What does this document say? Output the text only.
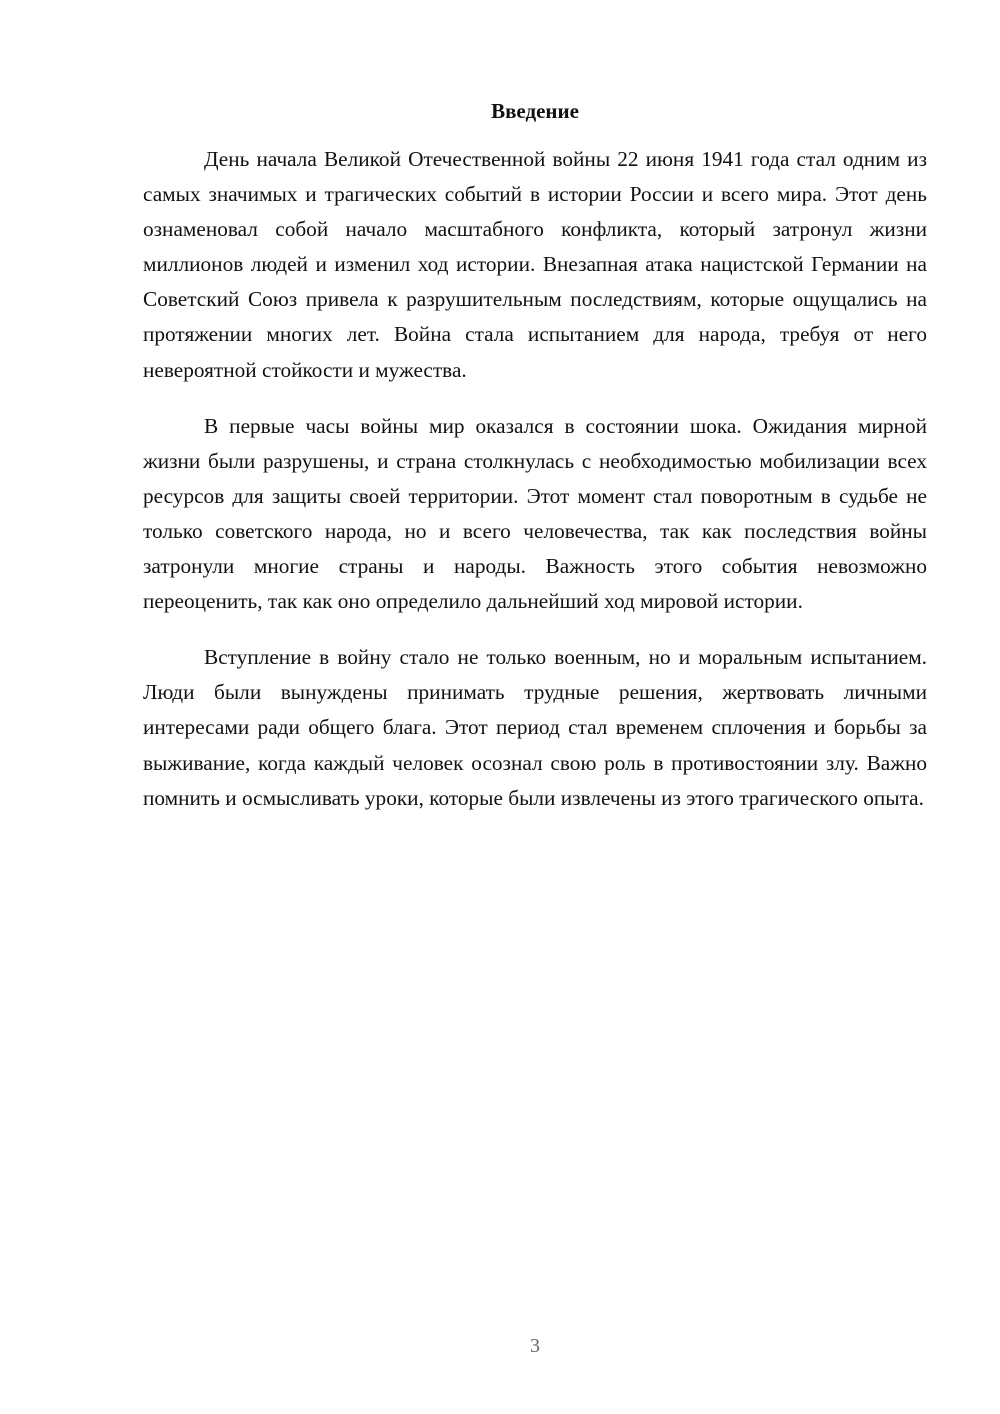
Введение

День начала Великой Отечественной войны 22 июня 1941 года стал одним из самых значимых и трагических событий в истории России и всего мира. Этот день ознаменовал собой начало масштабного конфликта, который затронул жизни миллионов людей и изменил ход истории. Внезапная атака нацистской Германии на Советский Союз привела к разрушительным последствиям, которые ощущались на протяжении многих лет. Война стала испытанием для народа, требуя от него невероятной стойкости и мужества.

В первые часы войны мир оказался в состоянии шока. Ожидания мирной жизни были разрушены, и страна столкнулась с необходимостью мобилизации всех ресурсов для защиты своей территории. Этот момент стал поворотным в судьбе не только советского народа, но и всего человечества, так как последствия войны затронули многие страны и народы. Важность этого события невозможно переоценить, так как оно определило дальнейший ход мировой истории.

Вступление в войну стало не только военным, но и моральным испытанием. Люди были вынуждены принимать трудные решения, жертвовать личными интересами ради общего блага. Этот период стал временем сплочения и борьбы за выживание, когда каждый человек осознал свою роль в противостоянии злу. Важно помнить и осмысливать уроки, которые были извлечены из этого трагического опыта.

3
